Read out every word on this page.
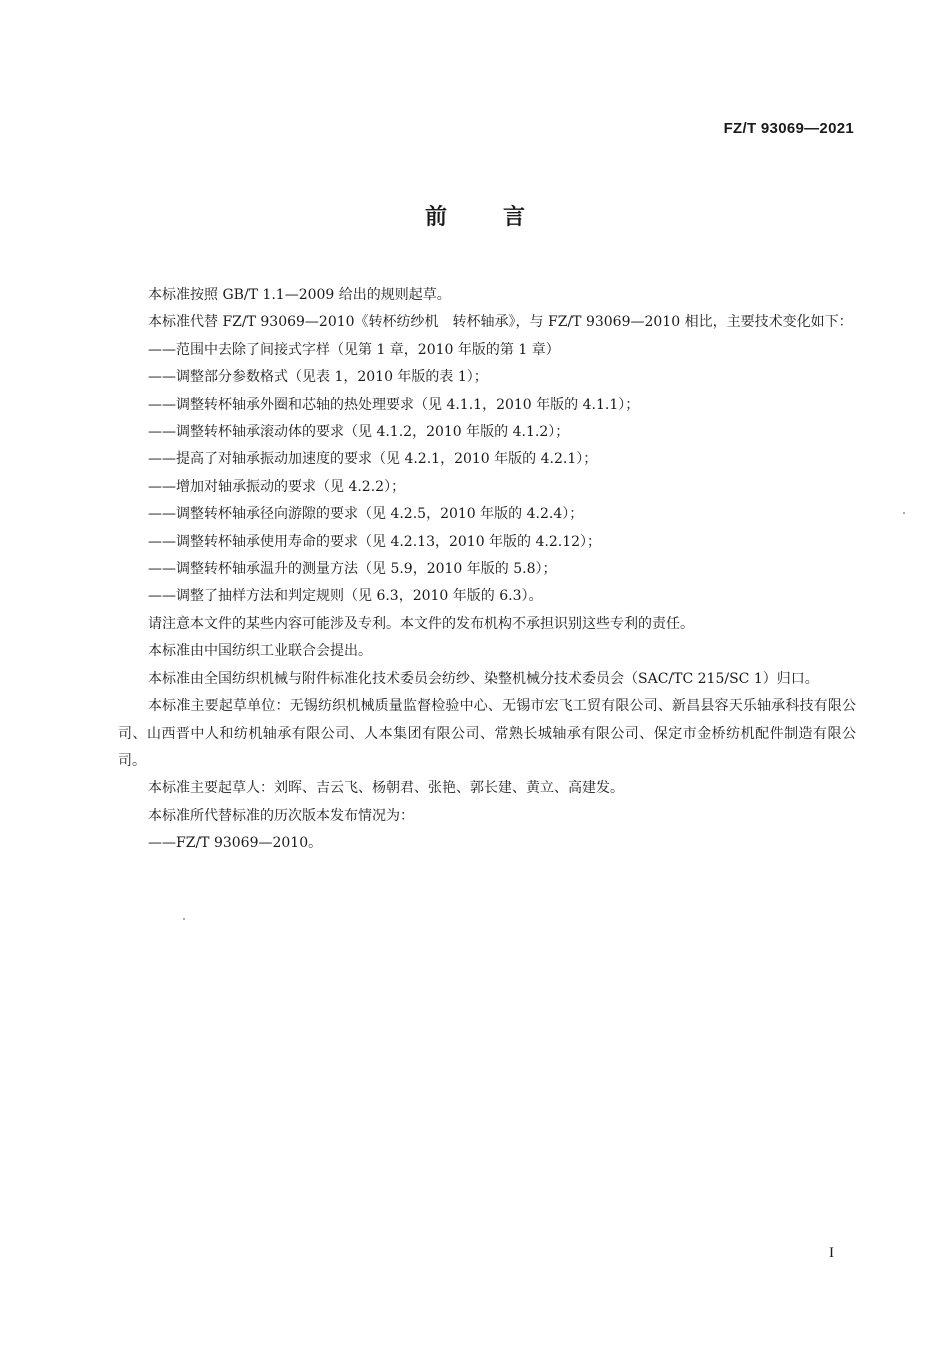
FZ/T 93069—2021
前	言

本标准按照 GB/T 1.1—2009 给出的规则起草。

本标准代替 FZ/T 93069—2010《转杯纺纱机　转杯轴承》，与 FZ/T 93069—2010 相比，主要技术变化如下：

——范围中去除了间接式字样（见第 1 章，2010 年版的第 1 章）

——调整部分参数格式（见表 1，2010 年版的表 1）；

——调整转杯轴承外圈和芯轴的热处理要求（见 4.1.1，2010 年版的 4.1.1）；

——调整转杯轴承滚动体的要求（见 4.1.2，2010 年版的 4.1.2）；

——提高了对轴承振动加速度的要求（见 4.2.1，2010 年版的 4.2.1）；

——增加对轴承振动的要求（见 4.2.2）；

——调整转杯轴承径向游隙的要求（见 4.2.5，2010 年版的 4.2.4）；

——调整转杯轴承使用寿命的要求（见 4.2.13，2010 年版的 4.2.12）；

——调整转杯轴承温升的测量方法（见 5.9，2010 年版的 5.8）；

——调整了抽样方法和判定规则（见 6.3，2010 年版的 6.3）。

请注意本文件的某些内容可能涉及专利。本文件的发布机构不承担识别这些专利的责任。

本标准由中国纺织工业联合会提出。

本标准由全国纺织机械与附件标准化技术委员会纺纱、染整机械分技术委员会（SAC/TC 215/SC 1）归口。

本标准主要起草单位：无锡纺织机械质量监督检验中心、无锡市宏飞工贸有限公司、新昌县容天乐轴承科技有限公司、山西晋中人和纺机轴承有限公司、人本集团有限公司、常熟长城轴承有限公司、保定市金桥纺机配件制造有限公司。

本标准主要起草人：刘晖、吉云飞、杨朝君、张艳、郭长建、黄立、高建发。

本标准所代替标准的历次版本发布情况为：

——FZ/T 93069—2010。

I
